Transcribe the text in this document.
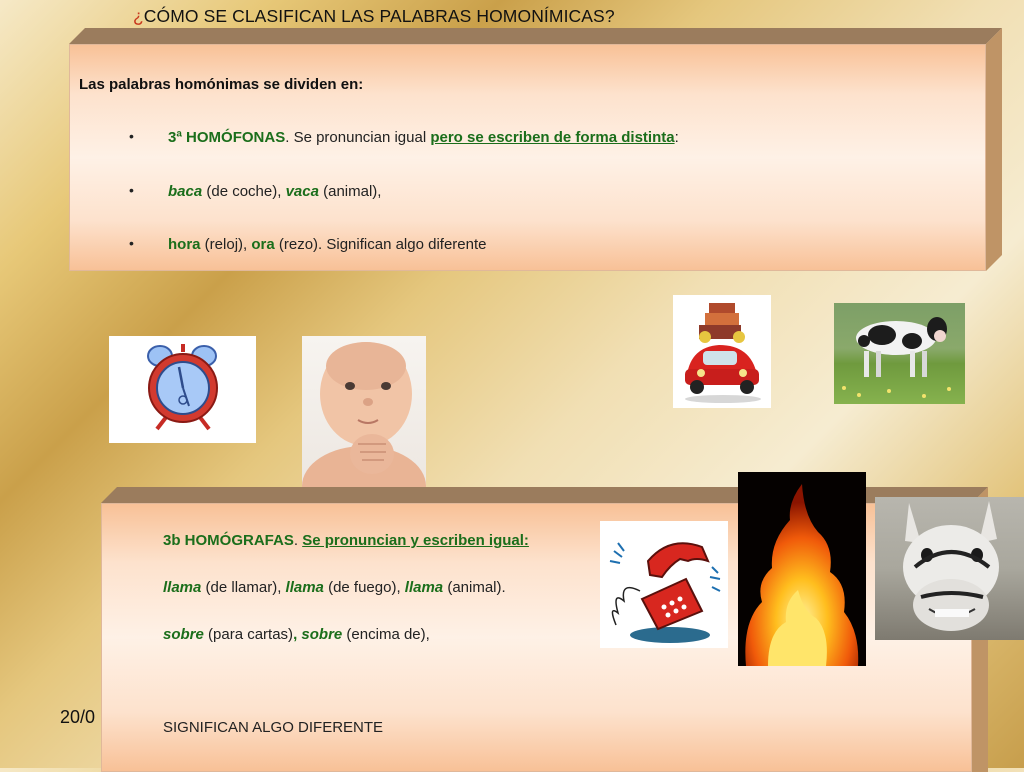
¿CÓMO SE CLASIFICAN LAS PALABRAS HOMONÍMICAS?
Las palabras homónimas se dividen en:
• 3ª HOMÓFONAS. Se pronuncian igual pero se escriben de forma distinta:
• baca (de coche), vaca (animal),
• hora (reloj), ora (rezo). Significan algo diferente
3b HOMÓGRAFAS. Se pronuncian y escriben igual:
llama (de llamar), llama (de fuego), llama (animal).
sobre (para cartas), sobre (encima de),
SIGNIFICAN ALGO DIFERENTE
20/0
